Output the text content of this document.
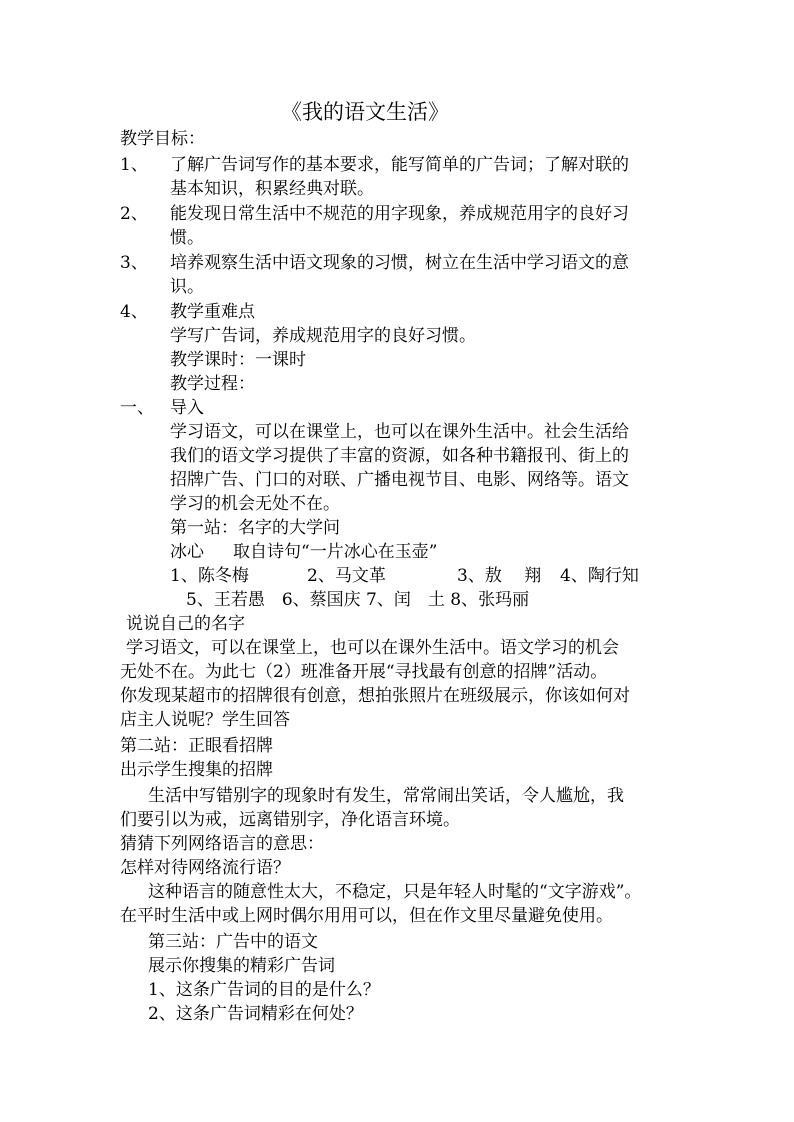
《我的语文生活》
教学目标：
1、 了解广告词写作的基本要求，能写简单的广告词；了解对联的
基本知识，积累经典对联。
2、 能发现日常生活中不规范的用字现象，养成规范用字的良好习
惯。
3、 培养观察生活中语文现象的习惯，树立在生活中学习语文的意
识。
4、 教学重难点
学写广告词，养成规范用字的良好习惯。
教学课时：一课时
教学过程：
一、 导入
学习语文，可以在课堂上，也可以在课外生活中。社会生活给
我们的语文学习提供了丰富的资源，如各种书籍报刊、街上的
招牌广告、门口的对联、广播电视节目、电影、网络等。语文
学习的机会无处不在。
第一站：名字的大学问
冰心 取自诗句“一片冰心在玉壶”
1、陈冬梅	2、马文革	3、敖　 翔 4、陶行知
5、王若愚　6、蔡国庆 7、闰　土 8、张玛丽
说说自己的名字
学习语文，可以在课堂上，也可以在课外生活中。语文学习的机会
无处不在。为此七（2）班准备开展“寻找最有创意的招牌”活动。
你发现某超市的招牌很有创意，想拍张照片在班级展示，你该如何对
店主人说呢？学生回答
第二站：正眼看招牌
出示学生搜集的招牌
生活中写错别字的现象时有发生，常常闹出笑话，令人尴尬，我
们要引以为戒，远离错别字，净化语言环境。
猜猜下列网络语言的意思：
怎样对待网络流行语？
这种语言的随意性太大，不稳定，只是年轻人时髦的“文字游戏”。
在平时生活中或上网时偶尔用用可以，但在作文里尽量避免使用。
第三站：广告中的语文
展示你搜集的精彩广告词
1、这条广告词的目的是什么？
2、这条广告词精彩在何处？
